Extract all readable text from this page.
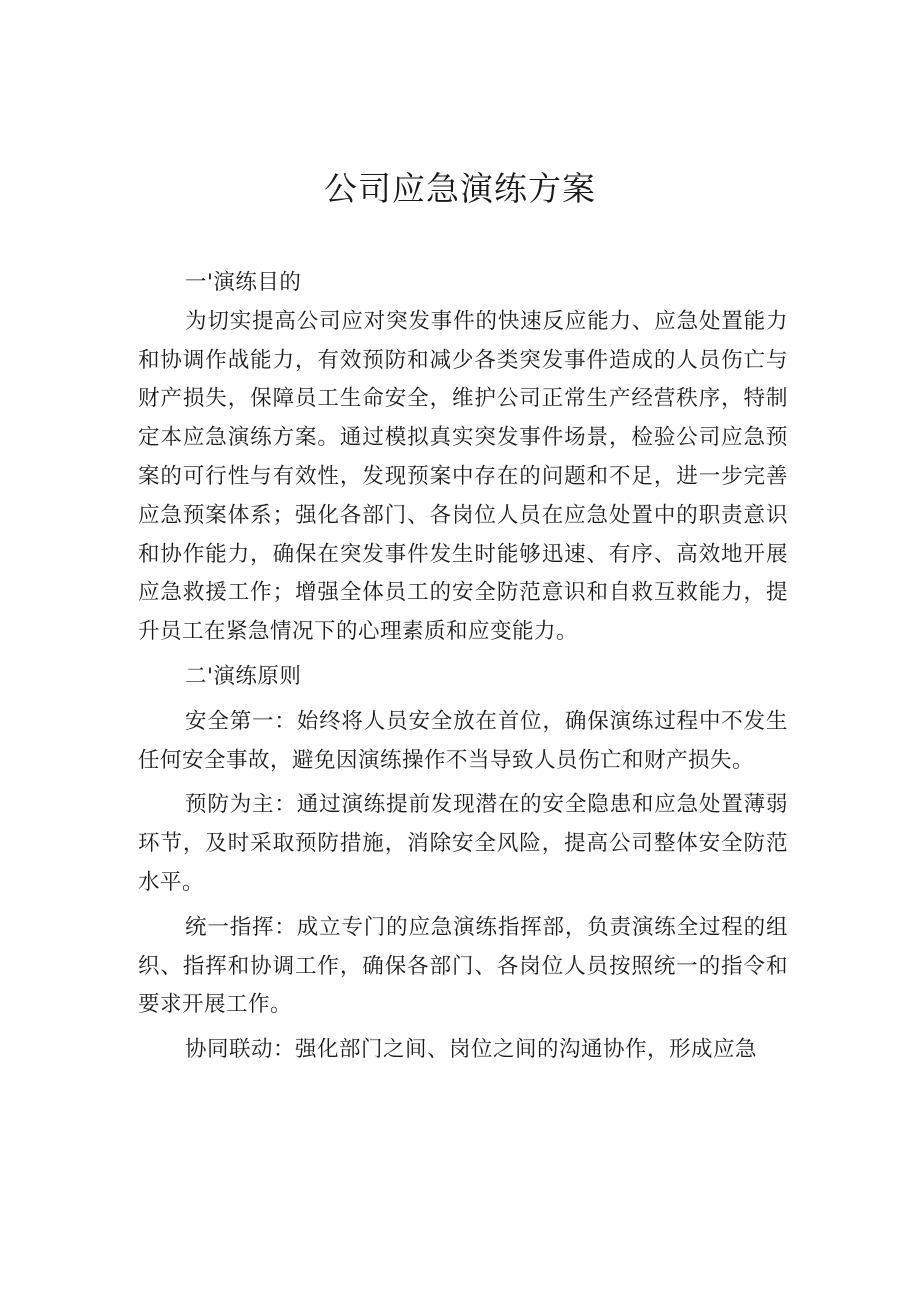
公司应急演练方案
一'演练目的

为切实提高公司应对突发事件的快速反应能力、应急处置能力和协调作战能力，有效预防和减少各类突发事件造成的人员伤亡与财产损失，保障员工生命安全，维护公司正常生产经营秩序，特制定本应急演练方案。通过模拟真实突发事件场景，检验公司应急预案的可行性与有效性，发现预案中存在的问题和不足，进一步完善应急预案体系；强化各部门、各岗位人员在应急处置中的职责意识和协作能力，确保在突发事件发生时能够迅速、有序、高效地开展应急救援工作；增强全体员工的安全防范意识和自救互救能力，提升员工在紧急情况下的心理素质和应变能力。

二'演练原则

安全第一：始终将人员安全放在首位，确保演练过程中不发生任何安全事故，避免因演练操作不当导致人员伤亡和财产损失。

预防为主：通过演练提前发现潜在的安全隐患和应急处置薄弱环节，及时采取预防措施，消除安全风险，提高公司整体安全防范水平。

统一指挥：成立专门的应急演练指挥部，负责演练全过程的组织、指挥和协调工作，确保各部门、各岗位人员按照统一的指令和要求开展工作。

协同联动：强化部门之间、岗位之间的沟通协作，形成应急
